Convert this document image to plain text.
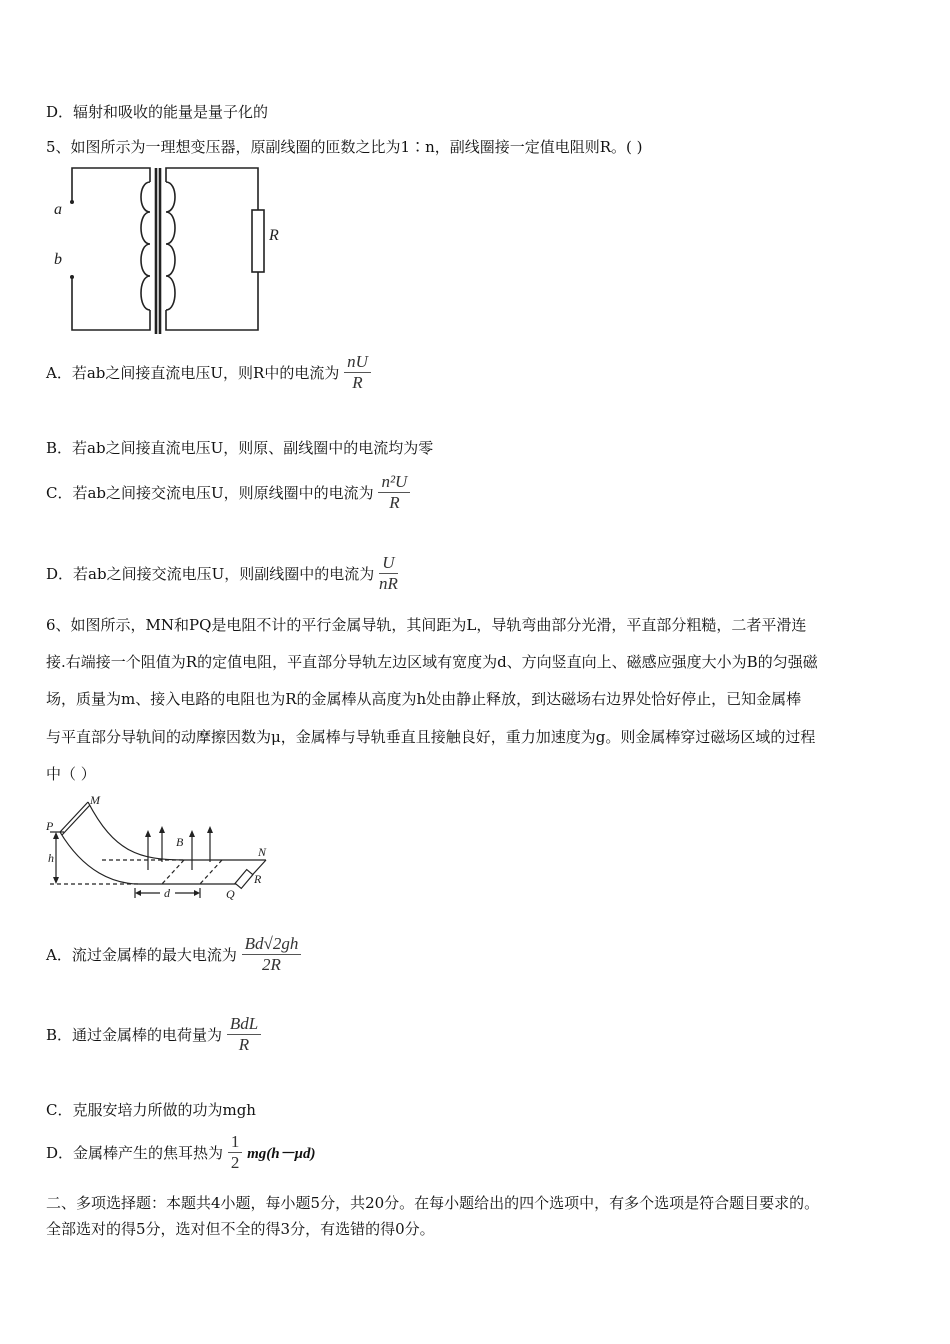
D．辐射和吸收的能量是量子化的
5、如图所示为一理想变压器，原副线圈的匝数之比为1∶n，副线圈接一定值电阻则R。( )
a
b
R
A．若ab之间接直流电压U，则R中的电流为 $\frac{nU}{R}$
B．若ab之间接直流电压U，则原、副线圈中的电流均为零
C．若ab之间接交流电压U，则原线圈中的电流为 $\frac{\text{n²U}}{R}$
D．若ab之间接交流电压U，则副线圈中的电流为 $\frac{U}{nR}$
6、如图所示，MN和PQ是电阻不计的平行金属导轨，其间距为L，导轨弯曲部分光滑，平直部分粗糙，二者平滑连
接.右端接一个阻值为R的定值电阻，平直部分导轨左边区域有宽度为d、方向竖直向上、磁感应强度大小为B的匀强磁
场，质量为m、接入电路的电阻也为R的金属棒从高度为h处由静止释放，到达磁场右边界处恰好停止，已知金属棒
与平直部分导轨间的动摩擦因数为μ，金属棒与导轨垂直且接触良好，重力加速度为g。则金属棒穿过磁场区域的过程
中（ ）
M
P
h
B
N
R
d	Q
A．流过金属棒的最大电流为 $\frac{Bd√2gh}{2R}$
B．通过金属棒的电荷量为 $\frac{\text{BdL}}{R}$
C．克服安培力所做的功为mgh
D．金属棒产生的焦耳热为 $\frac{1}{2} mg(h-\mu d)$
二、多项选择题：本题共4小题，每小题5分，共20分。在每小题给出的四个选项中，有多个选项是符合题目要求的。
全部选对的得5分，选对但不全的得3分，有选错的得0分。
